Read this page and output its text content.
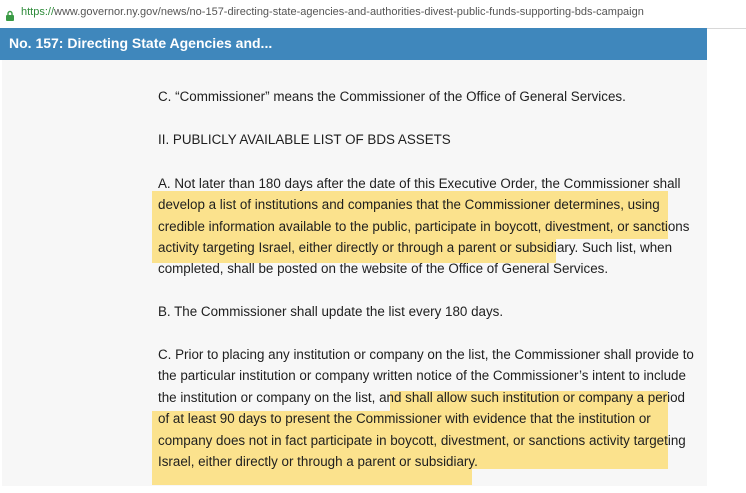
https://www.governor.ny.gov/news/no-157-directing-state-agencies-and-authorities-divest-public-funds-supporting-bds-campaign
No. 157: Directing State Agencies and...
C. “Commissioner” means the Commissioner of the Office of General Services.
II. PUBLICLY AVAILABLE LIST OF BDS ASSETS
A. Not later than 180 days after the date of this Executive Order, the Commissioner shall
develop a list of institutions and companies that the Commissioner determines, using
credible information available to the public, participate in boycott, divestment, or sanctions
activity targeting Israel, either directly or through a parent or subsidiary. Such list, when
completed, shall be posted on the website of the Office of General Services.
B. The Commissioner shall update the list every 180 days.
C. Prior to placing any institution or company on the list, the Commissioner shall provide to
the particular institution or company written notice of the Commissioner’s intent to include
the institution or company on the list, and shall allow such institution or company a period
of at least 90 days to present the Commissioner with evidence that the institution or
company does not in fact participate in boycott, divestment, or sanctions activity targeting
Israel, either directly or through a parent or subsidiary.
